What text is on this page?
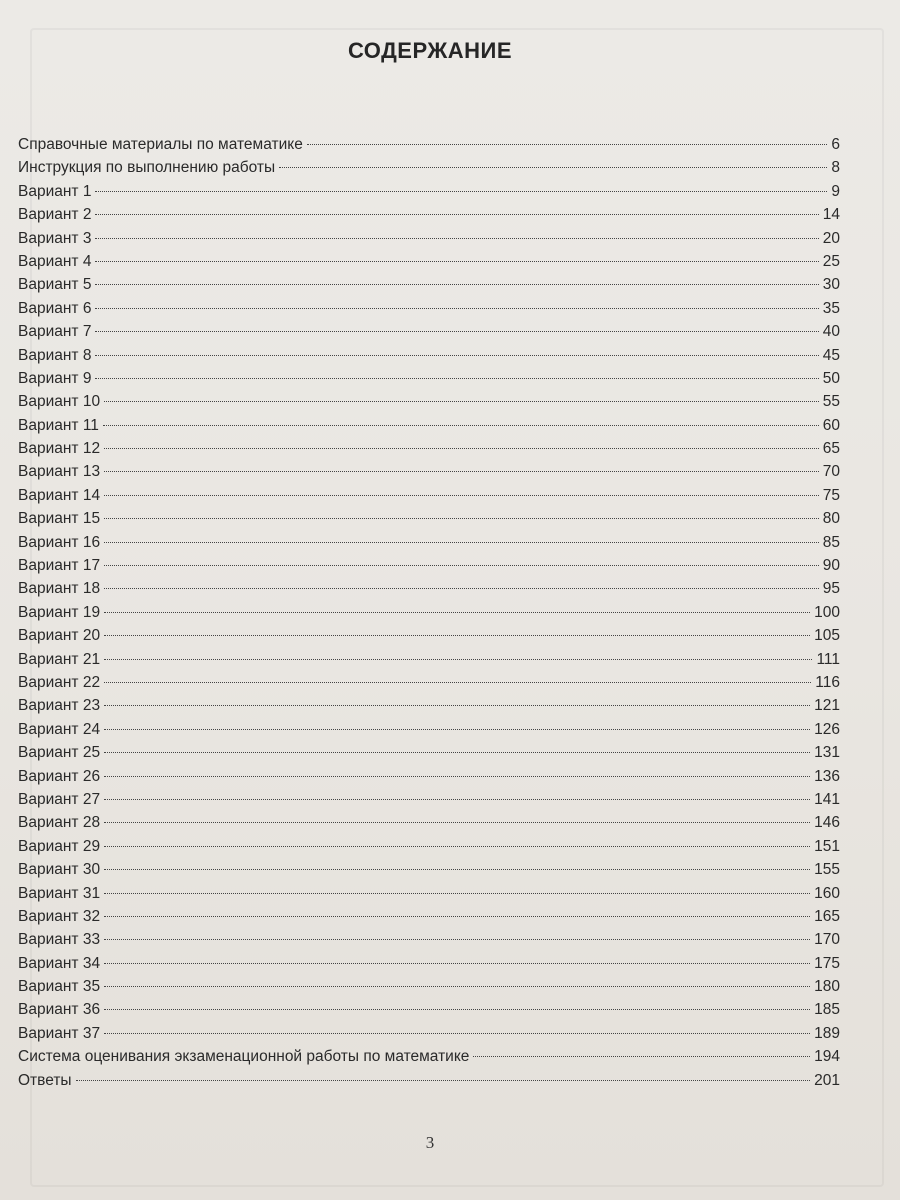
СОДЕРЖАНИЕ
Справочные материалы по математике	6
Инструкция по выполнению работы	8
Вариант 1	9
Вариант 2	14
Вариант 3	20
Вариант 4	25
Вариант 5	30
Вариант 6	35
Вариант 7	40
Вариант 8	45
Вариант 9	50
Вариант 10	55
Вариант 11	60
Вариант 12	65
Вариант 13	70
Вариант 14	75
Вариант 15	80
Вариант 16	85
Вариант 17	90
Вариант 18	95
Вариант 19	100
Вариант 20	105
Вариант 21	111
Вариант 22	116
Вариант 23	121
Вариант 24	126
Вариант 25	131
Вариант 26	136
Вариант 27	141
Вариант 28	146
Вариант 29	151
Вариант 30	155
Вариант 31	160
Вариант 32	165
Вариант 33	170
Вариант 34	175
Вариант 35	180
Вариант 36	185
Вариант 37	189
Система оценивания экзаменационной работы по математике	194
Ответы	201
3
